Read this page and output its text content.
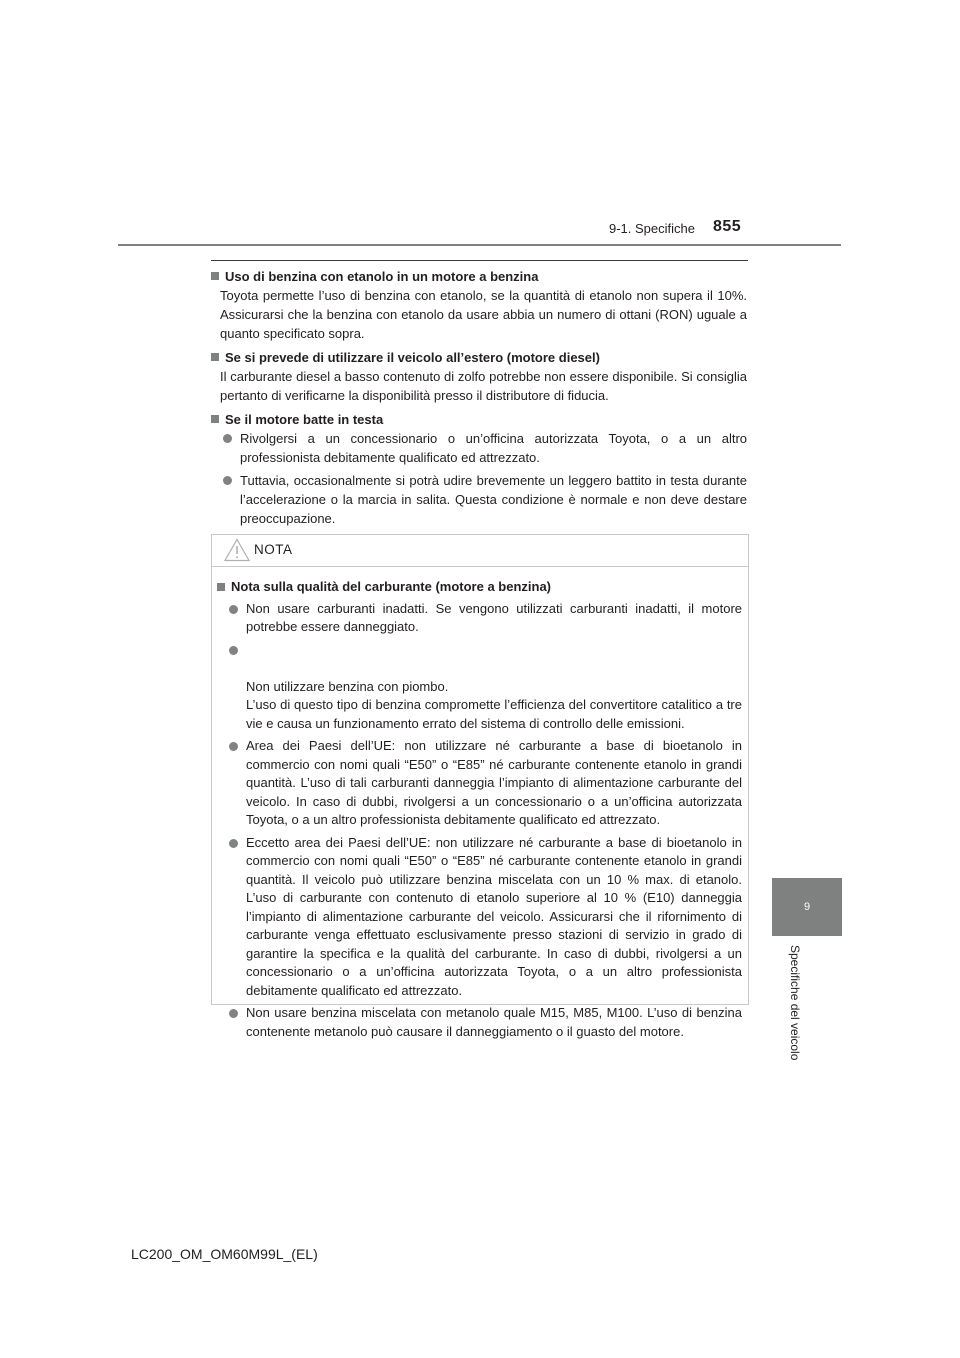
9-1. Specifiche 855
Uso di benzina con etanolo in un motore a benzina
Toyota permette l’uso di benzina con etanolo, se la quantità di etanolo non supera il 10%. Assicurarsi che la benzina con etanolo da usare abbia un numero di ottani (RON) uguale a quanto specificato sopra.
Se si prevede di utilizzare il veicolo all’estero (motore diesel)
Il carburante diesel a basso contenuto di zolfo potrebbe non essere disponibile. Si consiglia pertanto di verificarne la disponibilità presso il distributore di fiducia.
Se il motore batte in testa
Rivolgersi a un concessionario o un’officina autorizzata Toyota, o a un altro professionista debitamente qualificato ed attrezzato.
Tuttavia, occasionalmente si potrà udire brevemente un leggero battito in testa durante l’accelerazione o la marcia in salita. Questa condizione è normale e non deve destare preoccupazione.
NOTA
Nota sulla qualità del carburante (motore a benzina)
Non usare carburanti inadatti. Se vengono utilizzati carburanti inadatti, il motore potrebbe essere danneggiato.

Non utilizzare benzina con piombo.
L’uso di questo tipo di benzina compromette l’efficienza del convertitore catalitico a tre vie e causa un funzionamento errato del sistema di controllo delle emissioni.

Area dei Paesi dell’UE: non utilizzare né carburante a base di bioetanolo in commercio con nomi quali “E50” o “E85” né carburante contenente etanolo in grandi quantità. L’uso di tali carburanti danneggia l’impianto di alimentazione carburante del veicolo. In caso di dubbi, rivolgersi a un concessionario o a un’officina autorizzata Toyota, o a un altro professionista debitamente qualificato ed attrezzato.
Eccetto area dei Paesi dell’UE: non utilizzare né carburante a base di bioetanolo in commercio con nomi quali “E50” o “E85” né carburante contenente etanolo in grandi quantità. Il veicolo può utilizzare benzina miscelata con un 10 % max. di etanolo. L’uso di carburante con contenuto di etanolo superiore al 10 % (E10) danneggia l’impianto di alimentazione carburante del veicolo. Assicurarsi che il rifornimento di carburante venga effettuato esclusivamente presso stazioni di servizio in grado di garantire la specifica e la qualità del carburante. In caso di dubbi, rivolgersi a un concessionario o a un’officina autorizzata Toyota, o a un altro professionista debitamente qualificato ed attrezzato.
Non usare benzina miscelata con metanolo quale M15, M85, M100. L’uso di benzina contenente metanolo può causare il danneggiamento o il guasto del motore.
9
Specifiche del veicolo
LC200_OM_OM60M99L_(EL)
